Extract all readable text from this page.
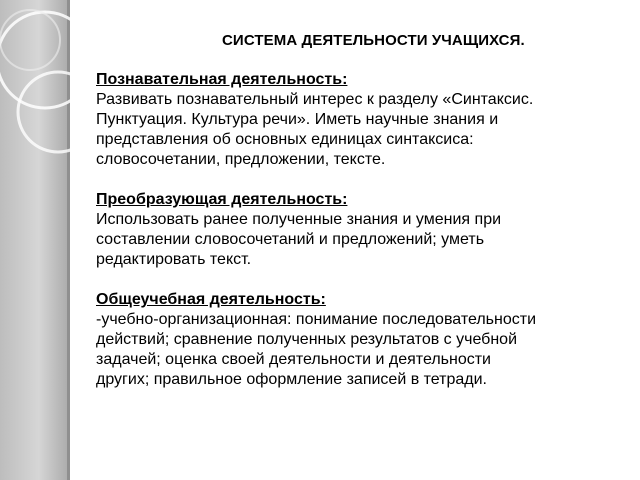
СИСТЕМА ДЕЯТЕЛЬНОСТИ УЧАЩИХСЯ.
Познавательная деятельность:
Развивать познавательный интерес к разделу «Синтаксис.
Пунктуация. Культура речи». Иметь научные знания и
представления об основных единицах синтаксиса:
словосочетании, предложении, тексте.
Преобразующая деятельность:
Использовать ранее полученные знания и умения при
составлении словосочетаний и предложений; уметь
редактировать текст.
Общеучебная деятельность:
-учебно-организационная: понимание последовательности
действий; сравнение полученных результатов с учебной
задачей; оценка своей деятельности и деятельности
других; правильное оформление записей в тетради.
